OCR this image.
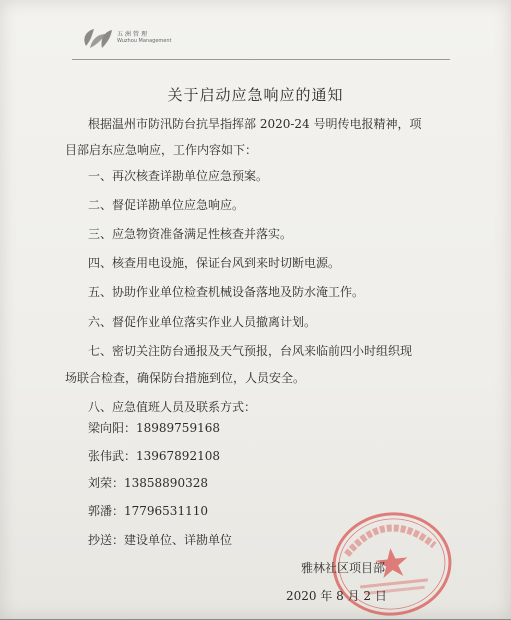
五洲管理
Wuzhou Management
关于启动应急响应的通知
根据温州市防汛防台抗旱指挥部 2020-24 号明传电报精神，项
目部启东应急响应，工作内容如下：
一、再次核查详勘单位应急预案。
二、督促详勘单位应急响应。
三、应急物资准备满足性核查并落实。
四、核查用电设施，保证台风到来时切断电源。
五、协助作业单位检查机械设备落地及防水淹工作。
六、督促作业单位落实作业人员撤离计划。
七、密切关注防台通报及天气预报，台风来临前四小时组织现
场联合检查，确保防台措施到位，人员安全。
八、应急值班人员及联系方式：
梁向阳：18989759168
张伟武：13967892108
刘荣：13858890328
郭潘：17796531110
抄送：建设单位、详勘单位
雅林社区项目部
2020 年 8 月 2 日
